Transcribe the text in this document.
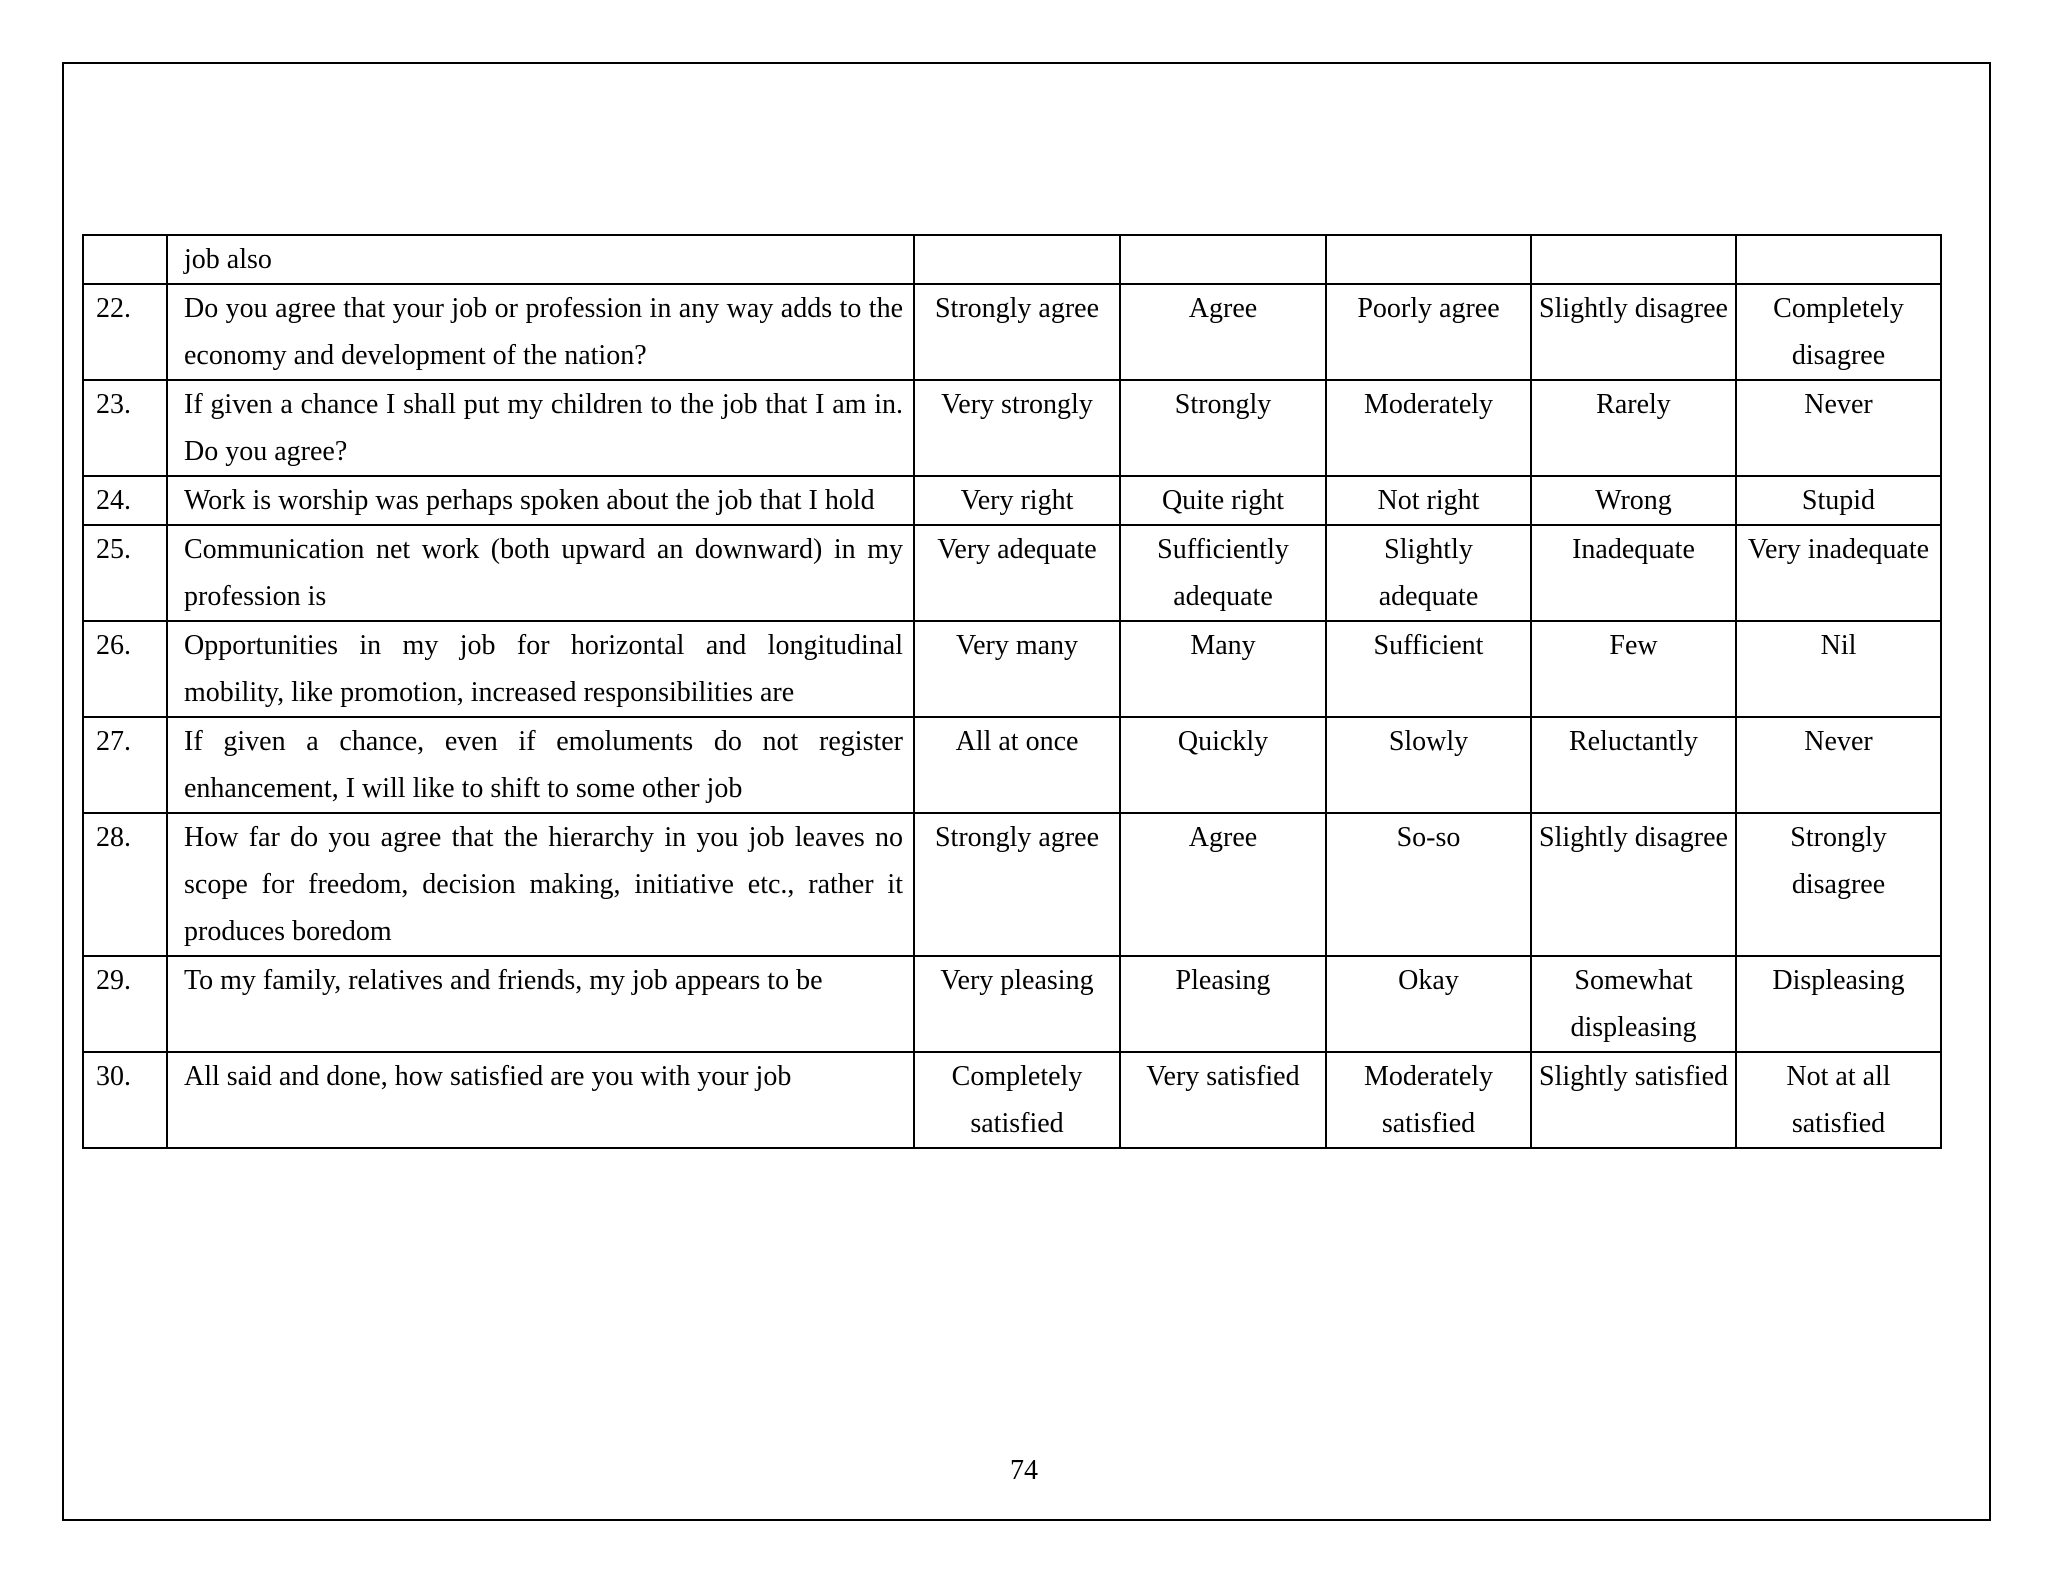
	job also					
22.	Do you agree that your job or profession in any way adds to the economy and development of the nation?	Strongly agree	Agree	Poorly agree	Slightly disagree	Completely disagree
23.	If given a chance I shall put my children to the job that I am in. Do you agree?	Very strongly	Strongly	Moderately	Rarely	Never
24.	Work is worship was perhaps spoken about the job that I hold	Very right	Quite right	Not right	Wrong	Stupid
25.	Communication net work (both upward an downward) in my profession is	Very adequate	Sufficiently adequate	Slightly adequate	Inadequate	Very inadequate
26.	Opportunities in my job for horizontal and longitudinal mobility, like promotion, increased responsibilities are	Very many	Many	Sufficient	Few	Nil
27.	If given a chance, even if emoluments do not register enhancement, I will like to shift to some other job	All at once	Quickly	Slowly	Reluctantly	Never
28.	How far do you agree that the hierarchy in you job leaves no scope for freedom, decision making, initiative etc., rather it produces boredom	Strongly agree	Agree	So-so	Slightly disagree	Strongly disagree
29.	To my family, relatives and friends, my job appears to be	Very pleasing	Pleasing	Okay	Somewhat displeasing	Displeasing
30.	All said and done, how satisfied are you with your job	Completely satisfied	Very satisfied	Moderately satisfied	Slightly satisfied	Not at all satisfied
74
